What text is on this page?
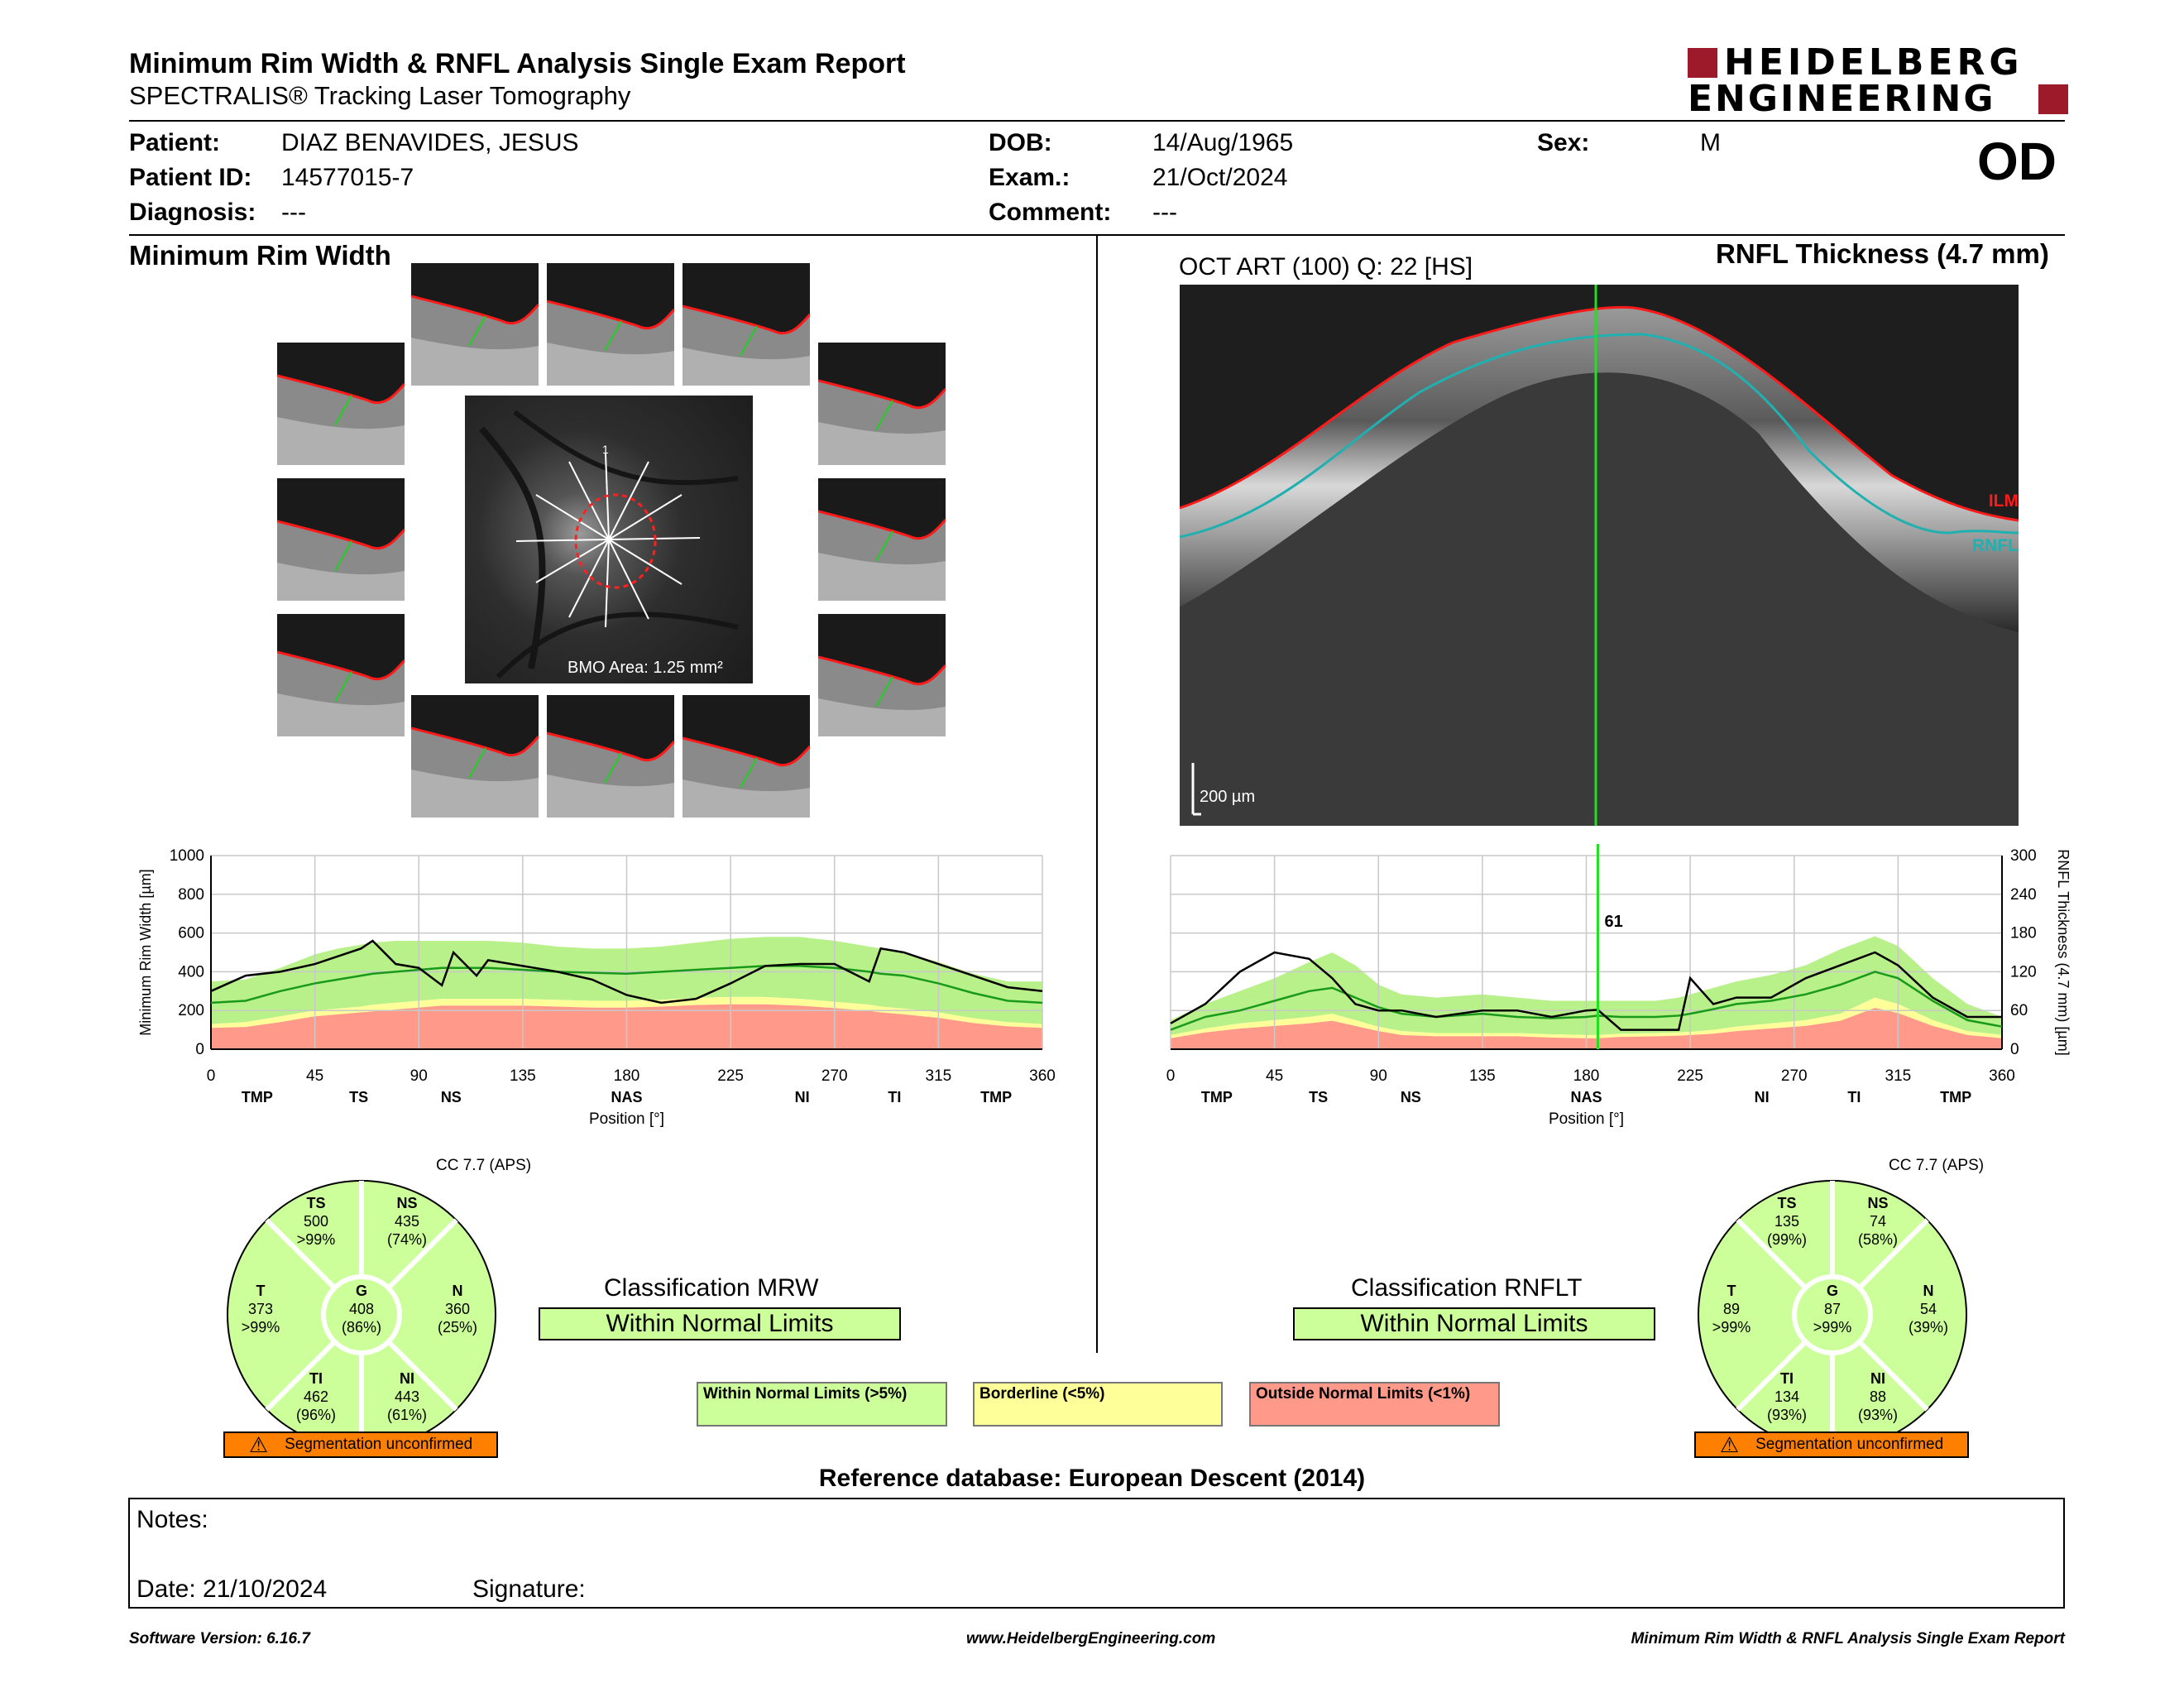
Minimum Rim Width & RNFL Analysis Single Exam Report
SPECTRALIS® Tracking Laser Tomography
HEIDELBERG
ENGINEERING
Patient: DIAZ BENAVIDES, JESUS
Patient ID: 14577015-7
Diagnosis: ---
DOB:	14/Aug/1965
Exam.:	21/Oct/2024
Comment: ---
Sex:	M	OD
Minimum Rim Width
1
BMO Area: 1.25 mm²
OCT ART (100) Q: 22 [HS]	RNFL Thickness (4.7 mm)
200 µm
ILM
RNFL
0	45	90	135	180	225	270	315	360
0
200
400
600
800
1000
TMP	TS	NS	NAS	NI	TI	TMP
Position [°]
Minimum Rim Width [µm]	61
0	45	90	135	180	225	270	315	360
0
60
120
180
240
300
TMP	TS	NS	NAS	NI	TI	TMP
Position [°]
RNFL Thickness (4.7 mm) [µm]
CC 7.7 (APS)
TS
500
>99%
NS
435
(74%)
T
373
>99%
G
408
(86%)
N
360
(25%)
TI
462
(96%)
NI
443
(61%)
⚠ Segmentation unconfirmed
CC 7.7 (APS)
TS
135
(99%)
NS
74
(58%)
T
89
>99%
G
87
>99%
N
54
(39%)
TI
134
(93%)
NI
88
(93%)
⚠ Segmentation unconfirmed
Classification MRW
Within Normal Limits
Classification RNFLT
Within Normal Limits
Within Normal Limits (>5%)	Borderline (<5%)	Outside Normal Limits (<1%)
Reference database: European Descent (2014)
Notes:
Date: 21/10/2024	Signature:
Software Version: 6.16.7	www.HeidelbergEngineering.com	Minimum Rim Width & RNFL Analysis Single Exam Report
